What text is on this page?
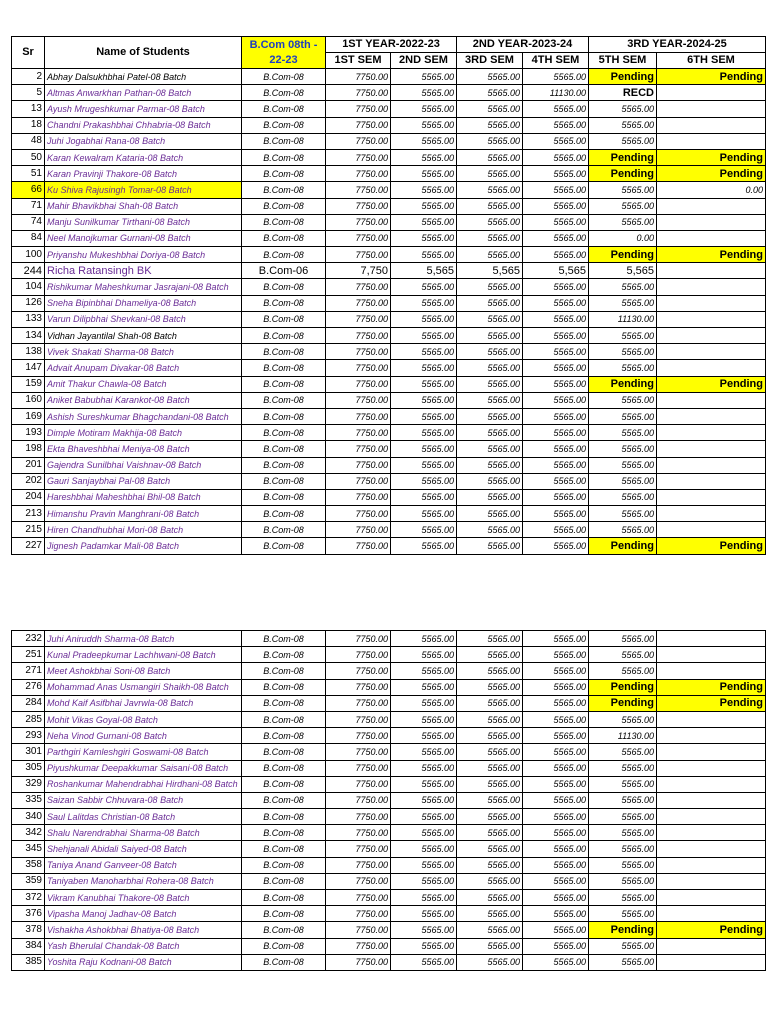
Sr	Name of Students	B.Com 08th -
22-23	1ST YEAR-2022-23		2ND YEAR-2023-24		3RD YEAR-2024-25	
			1ST SEM	2ND SEM	3RD SEM	4TH SEM	5TH SEM	6TH SEM
2	Abhay Dalsukhbhai Patel-08 Batch	B.Com-08	7750.00	5565.00	5565.00	5565.00	Pending	Pending
5	Altmas Anwarkhan Pathan-08 Batch	B.Com-08	7750.00	5565.00	5565.00	11130.00	RECD	
13	Ayush Mrugeshkumar Parmar-08 Batch	B.Com-08	7750.00	5565.00	5565.00	5565.00	5565.00	
18	Chandni Prakashbhai Chhabria-08 Batch	B.Com-08	7750.00	5565.00	5565.00	5565.00	5565.00	
48	Juhi Jogabhai Rana-08 Batch	B.Com-08	7750.00	5565.00	5565.00	5565.00	5565.00	
50	Karan Kewalram Kataria-08 Batch	B.Com-08	7750.00	5565.00	5565.00	5565.00	Pending	Pending
51	Karan Pravinji Thakore-08 Batch	B.Com-08	7750.00	5565.00	5565.00	5565.00	Pending	Pending
66	Ku Shiva Rajusingh Tomar-08 Batch	B.Com-08	7750.00	5565.00	5565.00	5565.00	5565.00	0.00
71	Mahir Bhavikbhai Shah-08 Batch	B.Com-08	7750.00	5565.00	5565.00	5565.00	5565.00	
74	Manju Sunilkumar Tirthani-08 Batch	B.Com-08	7750.00	5565.00	5565.00	5565.00	5565.00	
84	Neel Manojkumar Gurnani-08 Batch	B.Com-08	7750.00	5565.00	5565.00	5565.00	0.00	
100	Priyanshu Mukeshbhai Doriya-08 Batch	B.Com-08	7750.00	5565.00	5565.00	5565.00	Pending	Pending
244	Richa Ratansingh BK	B.Com-06	7,750	5,565	5,565	5,565	5,565	
104	Rishikumar Maheshkumar Jasrajani-08 Batch	B.Com-08	7750.00	5565.00	5565.00	5565.00	5565.00	
126	Sneha Bipinbhai Dhameliya-08 Batch	B.Com-08	7750.00	5565.00	5565.00	5565.00	5565.00	
133	Varun Dilipbhai Shevkani-08 Batch	B.Com-08	7750.00	5565.00	5565.00	5565.00	11130.00	
134	Vidhan Jayantilal Shah-08 Batch	B.Com-08	7750.00	5565.00	5565.00	5565.00	5565.00	
138	Vivek Shakati Sharma-08 Batch	B.Com-08	7750.00	5565.00	5565.00	5565.00	5565.00	
147	Advait Anupam Divakar-08 Batch	B.Com-08	7750.00	5565.00	5565.00	5565.00	5565.00	
159	Amit Thakur Chawla-08 Batch	B.Com-08	7750.00	5565.00	5565.00	5565.00	Pending	Pending
160	Aniket Babubhai Karankot-08 Batch	B.Com-08	7750.00	5565.00	5565.00	5565.00	5565.00	
169	Ashish Sureshkumar Bhagchandani-08 Batch	B.Com-08	7750.00	5565.00	5565.00	5565.00	5565.00	
193	Dimple Motiram Makhija-08 Batch	B.Com-08	7750.00	5565.00	5565.00	5565.00	5565.00	
198	Ekta Bhaveshbhai Meniya-08 Batch	B.Com-08	7750.00	5565.00	5565.00	5565.00	5565.00	
201	Gajendra Sunilbhai Vaishnav-08 Batch	B.Com-08	7750.00	5565.00	5565.00	5565.00	5565.00	
202	Gauri Sanjaybhai Pal-08 Batch	B.Com-08	7750.00	5565.00	5565.00	5565.00	5565.00	
204	Hareshbhai Maheshbhai Bhil-08 Batch	B.Com-08	7750.00	5565.00	5565.00	5565.00	5565.00	
213	Himanshu Pravin Manghrani-08 Batch	B.Com-08	7750.00	5565.00	5565.00	5565.00	5565.00	
215	Hiren Chandhubhai Mori-08 Batch	B.Com-08	7750.00	5565.00	5565.00	5565.00	5565.00	
227	Jignesh Padamkar Mali-08 Batch	B.Com-08	7750.00	5565.00	5565.00	5565.00	Pending	Pending
232	Juhi Aniruddh Sharma-08 Batch	B.Com-08	7750.00	5565.00	5565.00	5565.00	5565.00	
251	Kunal Pradeepkumar Lachhwani-08 Batch	B.Com-08	7750.00	5565.00	5565.00	5565.00	5565.00	
271	Meet Ashokbhai Soni-08 Batch	B.Com-08	7750.00	5565.00	5565.00	5565.00	5565.00	
276	Mohammad Anas Usmangiri Shaikh-08 Batch	B.Com-08	7750.00	5565.00	5565.00	5565.00	Pending	Pending
284	Mohd Kaif Asifbhai Javrwla-08 Batch	B.Com-08	7750.00	5565.00	5565.00	5565.00	Pending	Pending
285	Mohit Vikas Goyal-08 Batch	B.Com-08	7750.00	5565.00	5565.00	5565.00	5565.00	
293	Neha Vinod Gurnani-08 Batch	B.Com-08	7750.00	5565.00	5565.00	5565.00	11130.00	
301	Parthgiri Kamleshgiri Goswami-08 Batch	B.Com-08	7750.00	5565.00	5565.00	5565.00	5565.00	
305	Piyushkumar Deepakkumar Saisani-08 Batch	B.Com-08	7750.00	5565.00	5565.00	5565.00	5565.00	
329	Roshankumar Mahendrabhai Hirdhani-08 Batch	B.Com-08	7750.00	5565.00	5565.00	5565.00	5565.00	
335	Saizan Sabbir Chhuvara-08 Batch	B.Com-08	7750.00	5565.00	5565.00	5565.00	5565.00	
340	Saul Lalitdas Christian-08 Batch	B.Com-08	7750.00	5565.00	5565.00	5565.00	5565.00	
342	Shalu Narendrabhai Sharma-08 Batch	B.Com-08	7750.00	5565.00	5565.00	5565.00	5565.00	
345	Shehjanali Abidali Saiyed-08 Batch	B.Com-08	7750.00	5565.00	5565.00	5565.00	5565.00	
358	Taniya Anand Ganveer-08 Batch	B.Com-08	7750.00	5565.00	5565.00	5565.00	5565.00	
359	Taniyaben Manoharbhai Rohera-08 Batch	B.Com-08	7750.00	5565.00	5565.00	5565.00	5565.00	
372	Vikram Kanubhai Thakore-08 Batch	B.Com-08	7750.00	5565.00	5565.00	5565.00	5565.00	
376	Vipasha Manoj Jadhav-08 Batch	B.Com-08	7750.00	5565.00	5565.00	5565.00	5565.00	
378	Vishakha Ashokbhai Bhatiya-08 Batch	B.Com-08	7750.00	5565.00	5565.00	5565.00	Pending	Pending
384	Yash Bherulal Chandak-08 Batch	B.Com-08	7750.00	5565.00	5565.00	5565.00	5565.00	
385	Yoshita Raju Kodnani-08 Batch	B.Com-08	7750.00	5565.00	5565.00	5565.00	5565.00	
